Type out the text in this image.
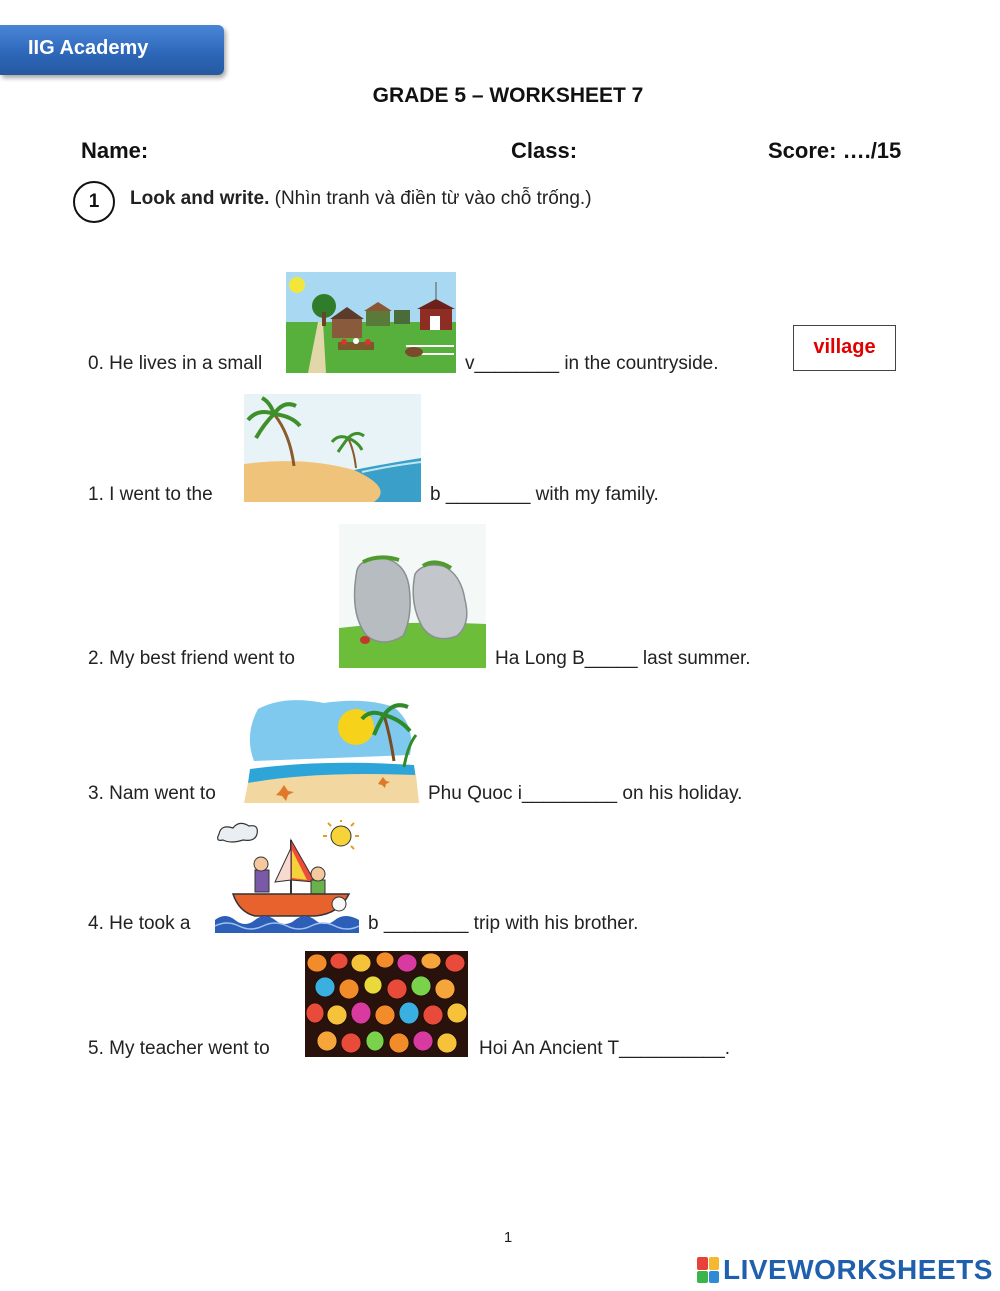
IIG Academy
GRADE 5 – WORKSHEET 7
Name:	Class:	Score: …./15
1	Look and write. (Nhìn tranh và điền từ vào chỗ trống.)
0. He lives in a small	v________ in the countryside.
village
1. I went to the	b ________ with my family.
2. My best friend went to	Ha Long B_____ last summer.
3. Nam went to	Phu Quoc i_________ on his holiday.
4. He took a	b ________ trip with his brother.
5. My teacher went to	Hoi An Ancient T__________.
1
LIVEWORKSHEETS
